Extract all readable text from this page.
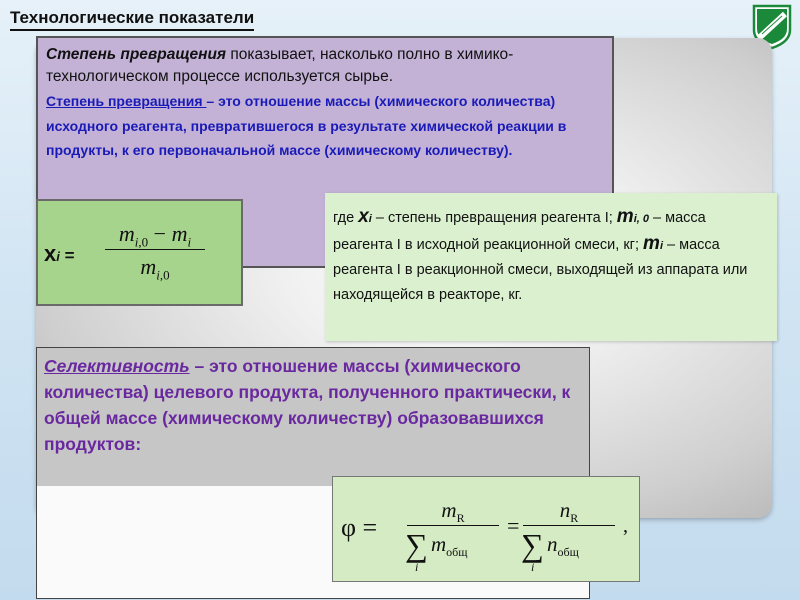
Технологические показатели
Степень превращения показывает, насколько полно в химико-технологическом процессе используется сырье.
Степень превращения – это отношение массы (химического количества) исходного реагента, превратившегося в результате химической реакции в продукты, к его первоначальной массе (химическому количеству).
xi =
$m_{i,0} - m_i$
$m_{i,0}$
где xi – степень превращения реагента I; mi, 0 – масса реагента I в исходной реакционной смеси, кг; mi – масса реагента I в реакционной смеси, выходящей из аппарата или находящейся в реакторе, кг.
Селективность – это отношение массы (химического количества) целевого продукта, полученного практически, к общей массе (химическому количеству) образовавшихся продуктов:
φ =
$m_R$
∑
i
$m_{общ}$
=
$n_R$
∑
i
$n_{общ}$
,
